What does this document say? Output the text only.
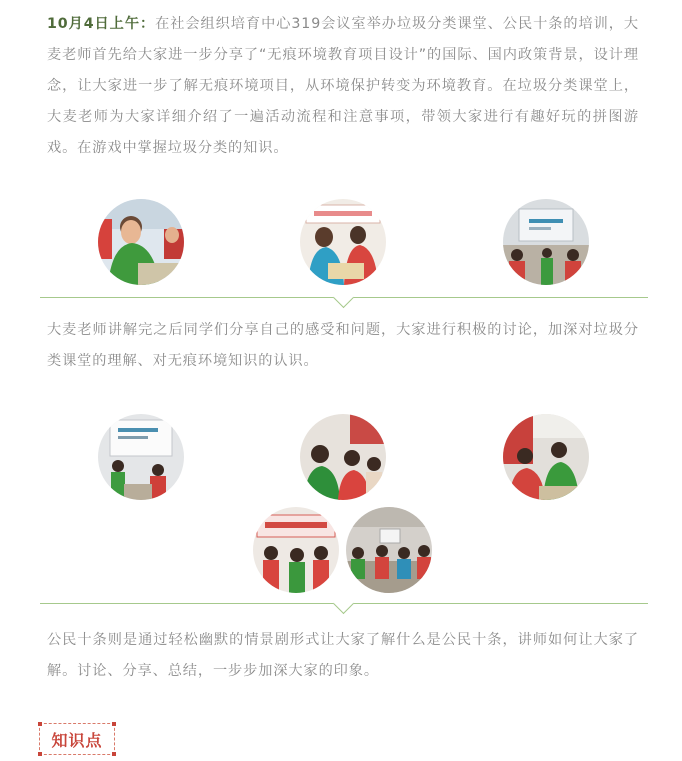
10月4日上午：在社会组织培育中心319会议室举办垃圾分类课堂、公民十条的培训，大麦老师首先给大家进一步分享了“无痕环境教育项目设计”的国际、国内政策背景，设计理念，让大家进一步了解无痕环境项目，从环境保护转变为环境教育。在垃圾分类课堂上，大麦老师为大家详细介绍了一遍活动流程和注意事项，带领大家进行有趣好玩的拼图游戏。在游戏中掌握垃圾分类的知识。
大麦老师讲解完之后同学们分享自己的感受和问题，大家进行积极的讨论，加深对垃圾分类课堂的理解、对无痕环境知识的认识。
公民十条则是通过轻松幽默的情景剧形式让大家了解什么是公民十条，讲师如何让大家了解。讨论、分享、总结，一步步加深大家的印象。
知识点
